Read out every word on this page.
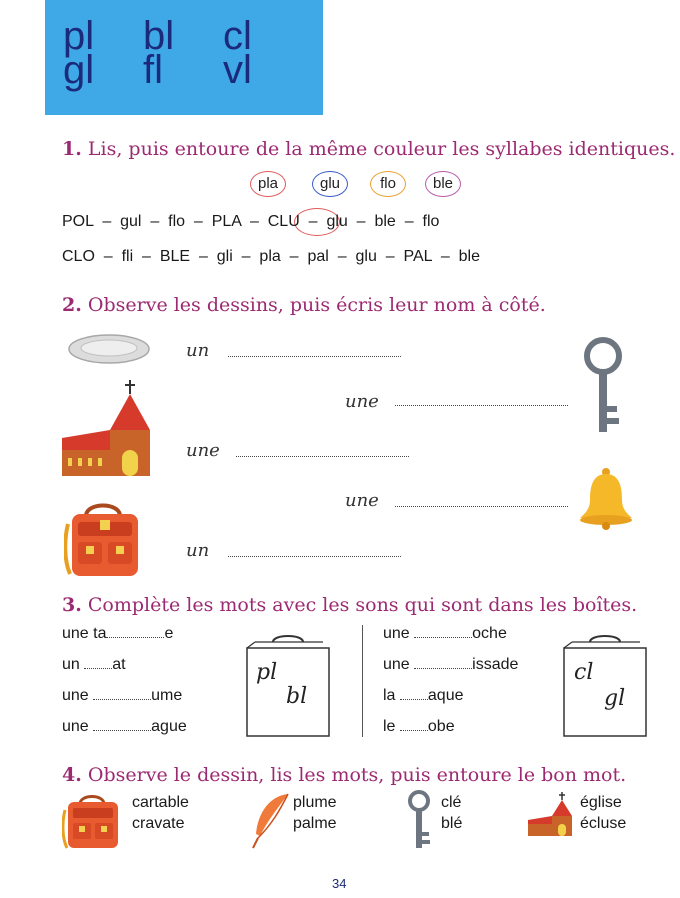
pl bl cl
gl fl vl
1. Lis, puis entoure de la même couleur les syllabes identiques.
pla	glu	flo	ble
POL  –  gul  –  flo  –  PLA  –  CLU  –  glu  –  ble  –  flo
CLO  –  fli  –  BLE  –  gli  –  pla  –  pal  –  glu  –  PAL  –  ble
2. Observe les dessins, puis écris leur nom à côté.
un
une
une
une
un
3. Complète les mots avec les sons qui sont dans les boîtes.
une ta	e
un at
une	ume
une	ague
pl
bl
une	oche
une	issade
la aque
le obe
cl
gl
4. Observe le dessin, lis les mots, puis entoure le bon mot.
cartable
cravate
plume
palme
clé
blé
église
écluse
34
